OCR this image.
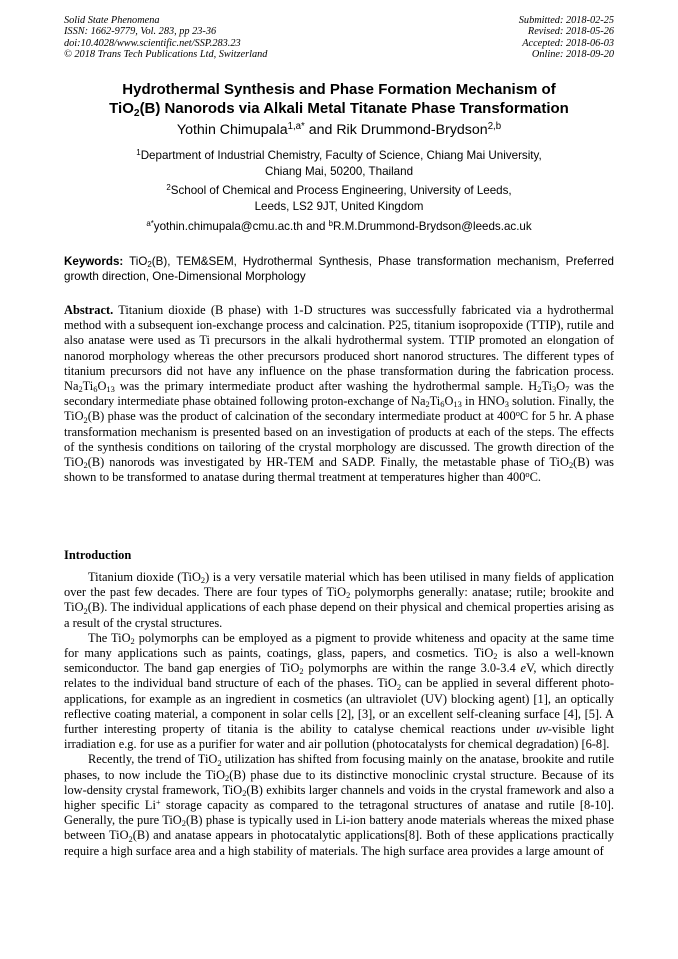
Solid State Phenomena
ISSN: 1662-9779, Vol. 283, pp 23-36
doi:10.4028/www.scientific.net/SSP.283.23
© 2018 Trans Tech Publications Ltd, Switzerland
Submitted: 2018-02-25
Revised: 2018-05-26
Accepted: 2018-06-03
Online: 2018-09-20
Hydrothermal Synthesis and Phase Formation Mechanism of
TiO$_2$(B) Nanorods via Alkali Metal Titanate Phase Transformation
Yothin Chimupala$^{1,a*}$ and Rik Drummond-Brydson$^{2,b}$
$^1$Department of Industrial Chemistry, Faculty of Science, Chiang Mai University,
Chiang Mai, 50200, Thailand
$^2$School of Chemical and Process Engineering, University of Leeds,
Leeds, LS2 9JT, United Kingdom
$^{a*}$yothin.chimupala@cmu.ac.th and $^b$R.M.Drummond-Brydson@leeds.ac.uk
Keywords: TiO$_2$(B), TEM&SEM, Hydrothermal Synthesis, Phase transformation mechanism, Preferred growth direction, One-Dimensional Morphology
Abstract. Titanium dioxide (B phase) with 1-D structures was successfully fabricated via a hydrothermal method with a subsequent ion-exchange process and calcination. P25, titanium isopropoxide (TTIP), rutile and also anatase were used as Ti precursors in the alkali hydrothermal system. TTIP promoted an elongation of nanorod morphology whereas the other precursors produced short nanorod structures. The different types of titanium precursors did not have any influence on the phase transformation during the fabrication process. $Na_2Ti_6O_{13}$ was the primary intermediate product after washing the hydrothermal sample. $H_2Ti_3O_7$ was the secondary intermediate phase obtained following proton-exchange of $Na_2Ti_6O_{13}$ in $HNO_3$ solution. Finally, the TiO$_2$(B) phase was the product of calcination of the secondary intermediate product at 400$^o$C for 5 hr. A phase transformation mechanism is presented based on an investigation of products at each of the steps. The effects of the synthesis conditions on tailoring of the crystal morphology are discussed. The growth direction of the TiO$_2$(B) nanorods was investigated by HR-TEM and SADP. Finally, the metastable phase of TiO$_2$(B) was shown to be transformed to anatase during thermal treatment at temperatures higher than 400$^o$C.
Introduction

Titanium dioxide (TiO$_2$) is a very versatile material which has been utilised in many fields of application over the past few decades. There are four types of TiO$_2$ polymorphs generally: anatase; rutile; brookite and TiO$_2$(B). The individual applications of each phase depend on their physical and chemical properties arising as a result of the crystal structures.

The TiO$_2$ polymorphs can be employed as a pigment to provide whiteness and opacity at the same time for many applications such as paints, coatings, glass, papers, and cosmetics. TiO$_2$ is also a well-known semiconductor. The band gap energies of TiO$_2$ polymorphs are within the range 3.0-3.4 eV, which directly relates to the individual band structure of each of the phases. TiO$_2$ can be applied in several different photo-applications, for example as an ingredient in cosmetics (an ultraviolet (UV) blocking agent) [1], an optically reflective coating material, a component in solar cells [2], [3], or an excellent self-cleaning surface [4], [5]. A further interesting property of titania is the ability to catalyse chemical reactions under uv-visible light irradiation e.g. for use as a purifier for water and air pollution (photocatalysts for chemical degradation) [6-8].

Recently, the trend of TiO$_2$ utilization has shifted from focusing mainly on the anatase, brookite and rutile phases, to now include the TiO$_2$(B) phase due to its distinctive monoclinic crystal structure. Because of its low-density crystal framework, TiO$_2$(B) exhibits larger channels and voids in the crystal framework and also a higher specific Li+ storage capacity as compared to the tetragonal structures of anatase and rutile [8-10]. Generally, the pure TiO$_2$(B) phase is typically used in Li-ion battery anode materials whereas the mixed phase between TiO$_2$(B) and anatase appears in photocatalytic applications[8]. Both of these applications practically require a high surface area and a high stability of materials. The high surface area provides a large amount of
